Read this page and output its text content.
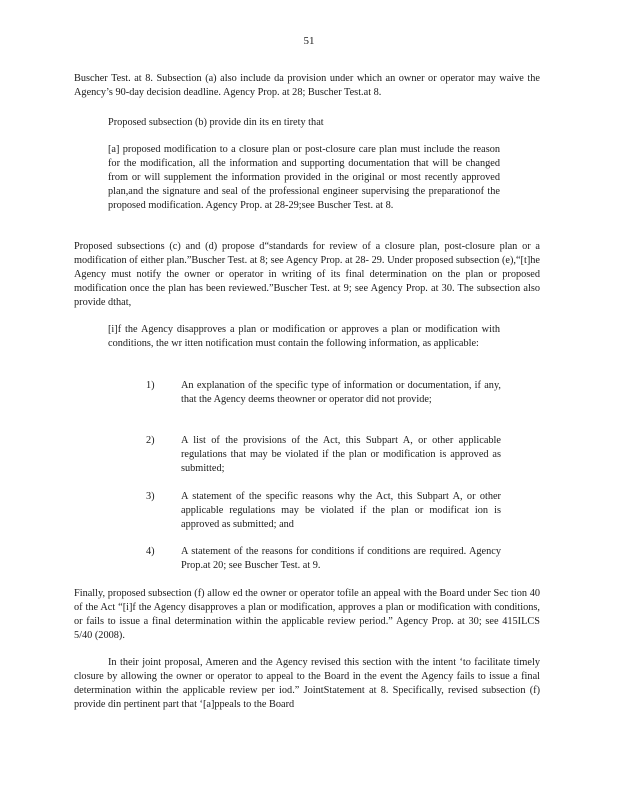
51

Buscher Test. at 8. Subsection (a) also include da provision under which an owner or operator may waive the Agency’s 90-day decision deadline. Agency Prop. at 28; Buscher Test.at 8.

Proposed subsection (b) provide din its en tirety that

[a] proposed modification to a closure plan or post-closure care plan must include the reason for the modification, all the information and supporting documentation that will be changed from or will supplement the information provided in the original or most recently approved plan,and the signature and seal of the professional engineer supervising the preparationof the proposed modification. Agency Prop. at 28-29;see Buscher Test. at 8.

Proposed subsections (c) and (d) propose d“standards for review of a closure plan, post-closure plan or a modification of either plan.”Buscher Test. at 8; see Agency Prop. at 28- 29. Under proposed subsection (e),“[t]he Agency must notify the owner or operator in writing of its final determination on the plan or proposed modification once the plan has been reviewed.”Buscher Test. at 9; see Agency Prop. at 30. The subsection also provide dthat,

[i]f the Agency disapproves a plan or modification or approves a plan or modification with conditions, the wr itten notification must contain the following information, as applicable:

1)	An explanation of the specific type of information or documentation, if any, that the Agency deems theowner or operator did not provide;

2)	A list of the provisions of the Act, this Subpart A, or other applicable regulations that may be violated if the plan or modification is approved as submitted;

3)	A statement of the specific reasons why the Act, this Subpart A, or other applicable regulations may be violated if the plan or modificat ion is approved as submitted; and

4)	A statement of the reasons for conditions if conditions are required. Agency Prop.at 20; see Buscher Test. at 9.

Finally, proposed subsection (f) allow ed the owner or operator tofile an appeal with the Board under Sec tion 40 of the Act “[i]f the Agency disapproves a plan or modification, approves a plan or modification with conditions, or fails to issue a final determination within the applicable review period.” Agency Prop. at 30; see 415ILCS 5/40 (2008).

In their joint proposal, Ameren and the Agency revised this section with the intent ‘to facilitate timely closure by allowing the owner or operator to appeal to the Board in the event the Agency fails to issue a final determination within the applicable review per iod.” JointStatement at 8. Specifically, revised subsection (f) provide din pertinent part that ‘[a]ppeals to the Board
